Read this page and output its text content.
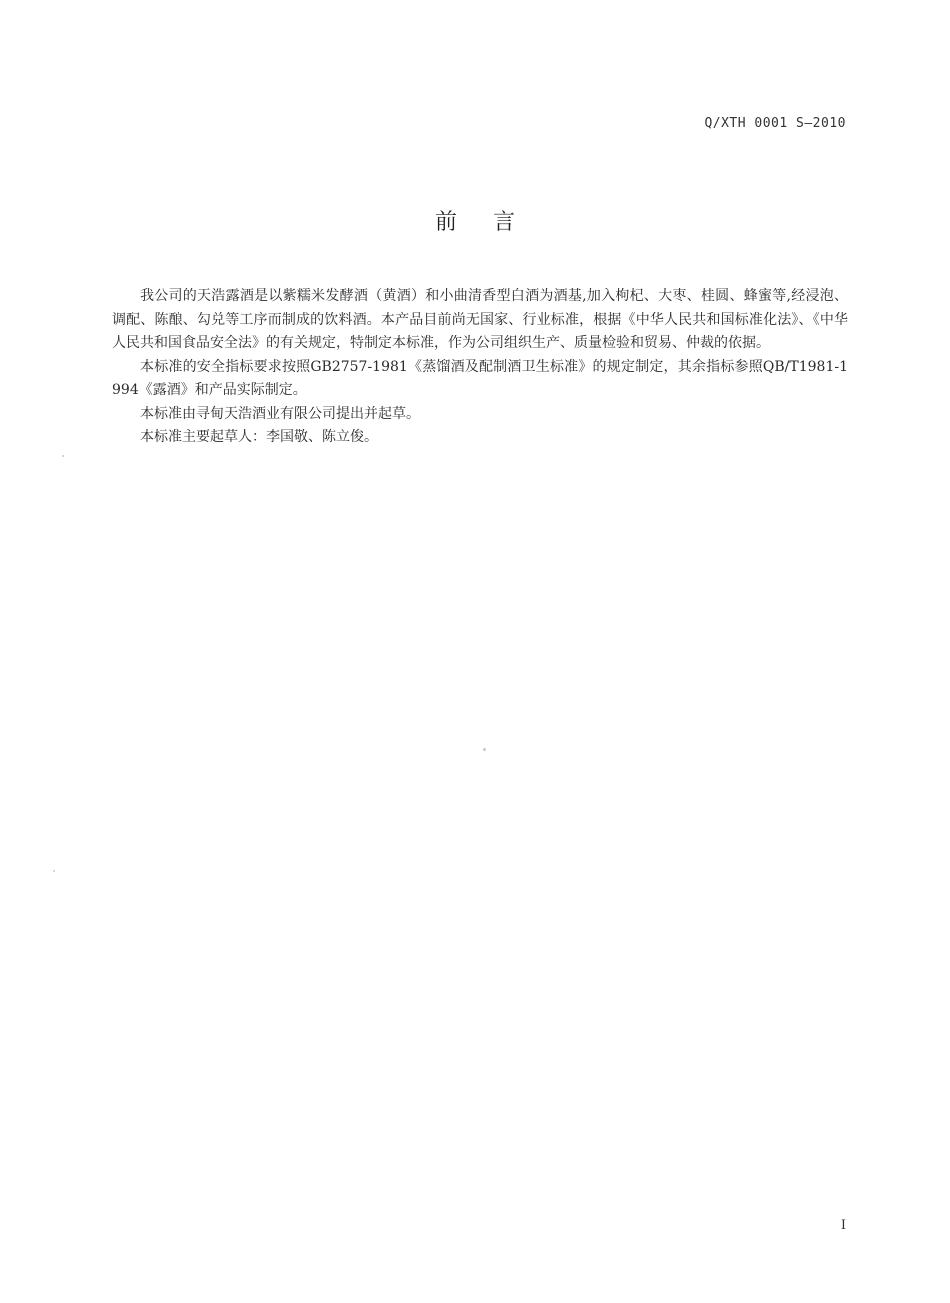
Q/XTH 0001 S—2010
前言

我公司的天浩露酒是以紫糯米发酵酒（黄酒）和小曲清香型白酒为酒基,加入枸杞、大枣、桂圆、蜂蜜等,经浸泡、调配、陈酿、勾兑等工序而制成的饮料酒。本产品目前尚无国家、行业标准，根据《中华人民共和国标准化法》、《中华人民共和国食品安全法》的有关规定，特制定本标准，作为公司组织生产、质量检验和贸易、仲裁的依据。

本标准的安全指标要求按照GB2757-1981《蒸馏酒及配制酒卫生标准》的规定制定，其余指标参照QB/T1981-1994《露酒》和产品实际制定。

本标准由寻甸天浩酒业有限公司提出并起草。

本标准主要起草人：李国敬、陈立俊。

I
